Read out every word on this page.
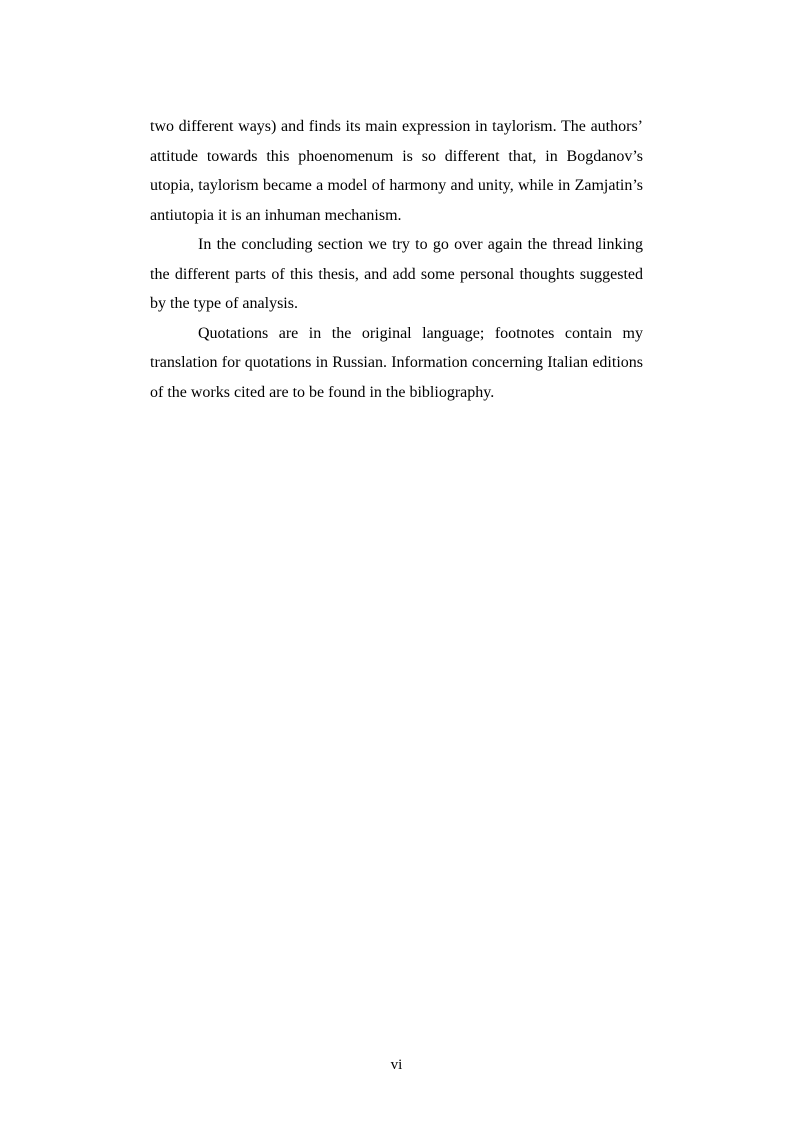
two different ways) and finds its main expression in taylorism. The authors’ attitude towards this phoenomenum is so different that, in Bogdanov’s utopia, taylorism became a model of harmony and unity, while in Zamjatin’s antiutopia it is an inhuman mechanism.

In the concluding section we try to go over again the thread linking the different parts of this thesis, and add some personal thoughts suggested by the type of analysis.

Quotations are in the original language; footnotes contain my translation for quotations in Russian. Information concerning Italian editions of the works cited are to be found in the bibliography.

vi
